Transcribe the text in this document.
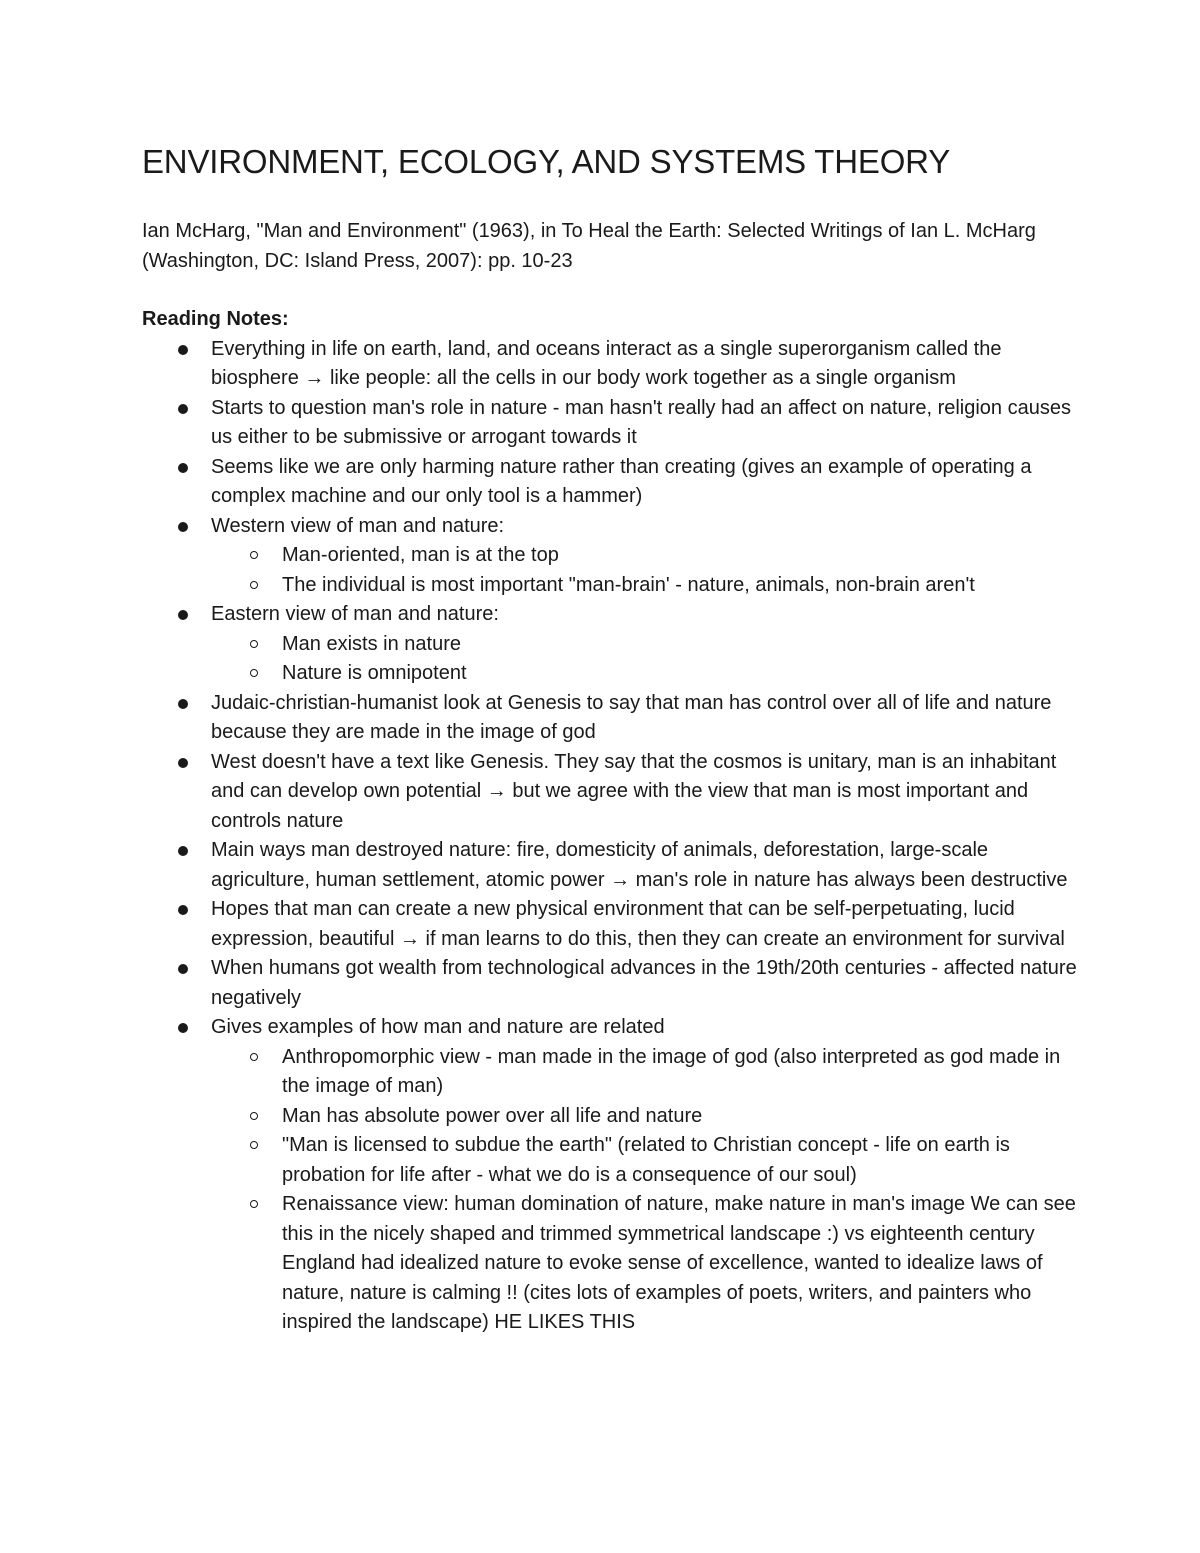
ENVIRONMENT, ECOLOGY, AND SYSTEMS THEORY

Ian McHarg, "Man and Environment" (1963), in To Heal the Earth: Selected Writings of Ian L. McHarg (Washington, DC: Island Press, 2007): pp. 10-23

Reading Notes:
Everything in life on earth, land, and oceans interact as a single superorganism called the biosphere → like people: all the cells in our body work together as a single organism
Starts to question man's role in nature - man hasn't really had an affect on nature, religion causes us either to be submissive or arrogant towards it
Seems like we are only harming nature rather than creating (gives an example of operating a complex machine and our only tool is a hammer)
Western view of man and nature:
Man-oriented, man is at the top
The individual is most important "man-brain' - nature, animals, non-brain aren't
Eastern view of man and nature:
Man exists in nature
Nature is omnipotent
Judaic-christian-humanist look at Genesis to say that man has control over all of life and nature because they are made in the image of god
West doesn't have a text like Genesis. They say that the cosmos is unitary, man is an inhabitant and can develop own potential → but we agree with the view that man is most important and controls nature
Main ways man destroyed nature: fire, domesticity of animals, deforestation, large-scale agriculture, human settlement, atomic power → man's role in nature has always been destructive
Hopes that man can create a new physical environment that can be self-perpetuating, lucid expression, beautiful → if man learns to do this, then they can create an environment for survival
When humans got wealth from technological advances in the 19th/20th centuries - affected nature negatively
Gives examples of how man and nature are related
Anthropomorphic view - man made in the image of god (also interpreted as god made in the image of man)
Man has absolute power over all life and nature
"Man is licensed to subdue the earth" (related to Christian concept - life on earth is probation for life after - what we do is a consequence of our soul)
Renaissance view: human domination of nature, make nature in man's image We can see this in the nicely shaped and trimmed symmetrical landscape :) vs eighteenth century England had idealized nature to evoke sense of excellence, wanted to idealize laws of nature, nature is calming !! (cites lots of examples of poets, writers, and painters who inspired the landscape) HE LIKES THIS
